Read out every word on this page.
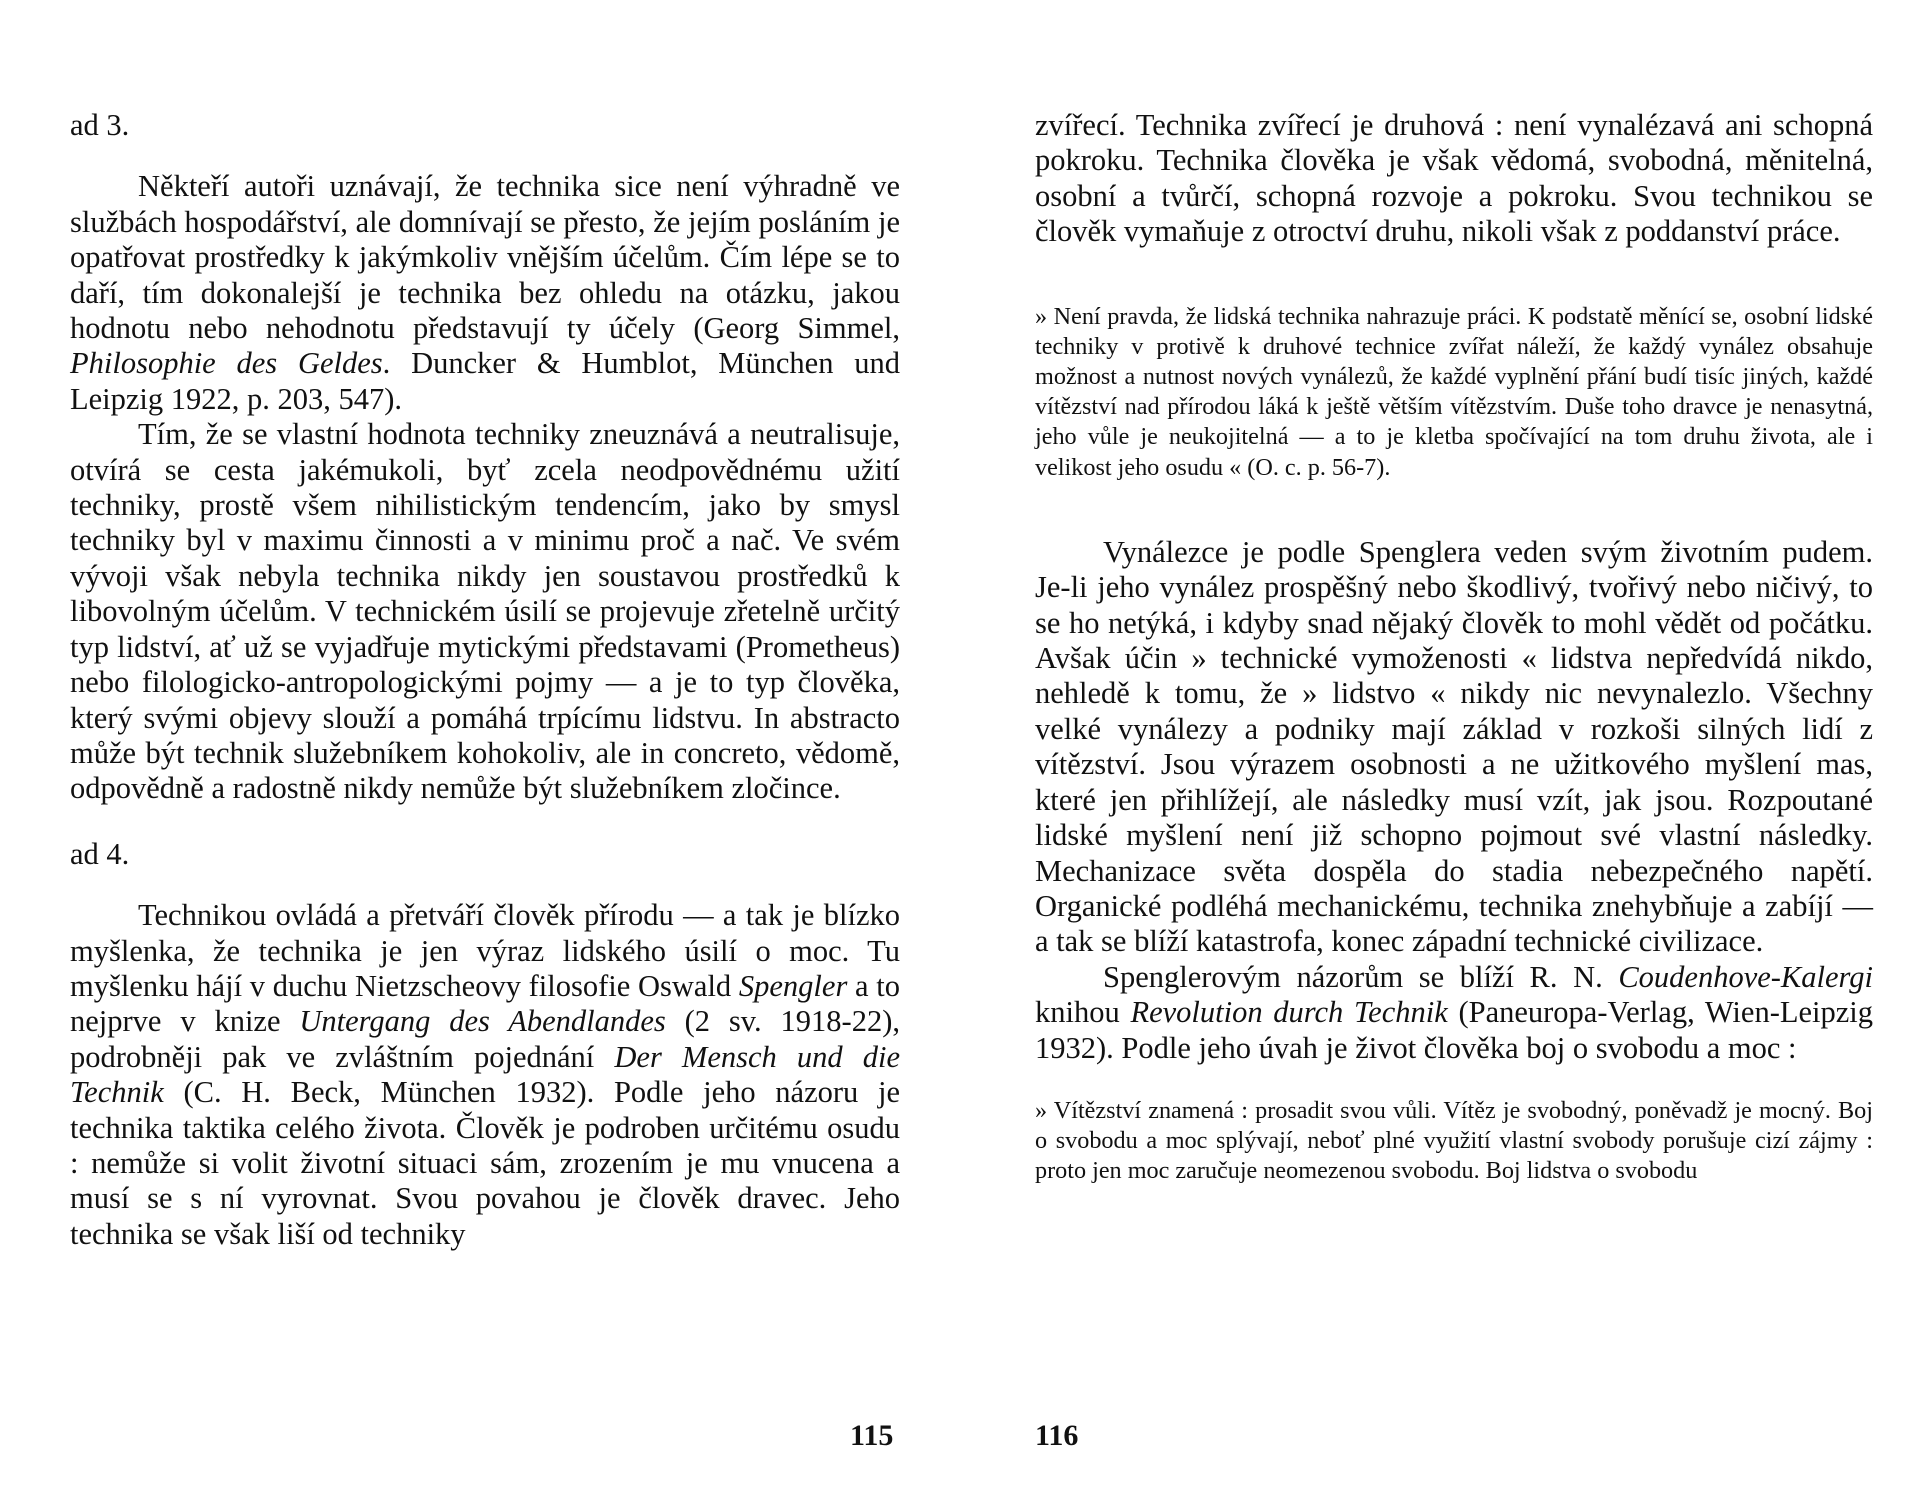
ad 3.

Někteří autoři uznávají, že technika sice není výhradně ve službách hospodářství, ale domnívají se přesto, že jejím posláním je opatřovat prostředky k jakýmkoliv vnějším účelům. Čím lépe se to daří, tím dokonalejší je technika bez ohledu na otázku, jakou hodnotu nebo nehodnotu představují ty účely (Georg Simmel, Philosophie des Geldes. Duncker & Humblot, München und Leipzig 1922, p. 203, 547).

Tím, že se vlastní hodnota techniky zneuznává a neutralisuje, otvírá se cesta jakémukoli, byť zcela neodpovědnému užití techniky, prostě všem nihilistickým tendencím, jako by smysl techniky byl v maximu činnosti a v minimu proč a nač. Ve svém vývoji však nebyla technika nikdy jen soustavou prostředků k libovolným účelům. V technickém úsilí se projevuje zřetelně určitý typ lidství, ať už se vyjadřuje mytickými představami (Prometheus) nebo filologicko-antropologickými pojmy — a je to typ člověka, který svými objevy slouží a pomáhá trpícímu lidstvu. In abstracto může být technik služebníkem kohokoliv, ale in concreto, vědomě, odpovědně a radostně nikdy nemůže být služebníkem zločince.

ad 4.

Technikou ovládá a přetváří člověk přírodu — a tak je blízko myšlenka, že technika je jen výraz lidského úsilí o moc. Tu myšlenku hájí v duchu Nietzscheovy filosofie Oswald Spengler a to nejprve v knize Untergang des Abendlandes (2 sv. 1918-22), podrobněji pak ve zvláštním pojednání Der Mensch und die Technik (C. H. Beck, München 1932). Podle jeho názoru je technika taktika celého života. Člověk je podroben určitému osudu : nemůže si volit životní situaci sám, zrozením je mu vnucena a musí se s ní vyrovnat. Svou povahou je člověk dravec. Jeho technika se však liší od techniky

115

zvířecí. Technika zvířecí je druhová : není vynalézavá ani schopná pokroku. Technika člověka je však vědomá, svobodná, měnitelná, osobní a tvůrčí, schopná rozvoje a pokroku. Svou technikou se člověk vymaňuje z otroctví druhu, nikoli však z poddanství práce.

» Není pravda, že lidská technika nahrazuje práci. K podstatě měnící se, osobní lidské techniky v protivě k druhové technice zvířat náleží, že každý vynález obsahuje možnost a nutnost nových vynálezů, že každé vyplnění přání budí tisíc jiných, každé vítězství nad přírodou láká k ještě větším vítězstvím. Duše toho dravce je nenasytná, jeho vůle je neukojitelná — a to je kletba spočívající na tom druhu života, ale i velikost jeho osudu « (O. c. p. 56-7).

Vynálezce je podle Spenglera veden svým životním pudem. Je-li jeho vynález prospěšný nebo škodlivý, tvořivý nebo ničivý, to se ho netýká, i kdyby snad nějaký člověk to mohl vědět od počátku. Avšak účin » technické vymoženosti « lidstva nepředvídá nikdo, nehledě k tomu, že » lidstvo « nikdy nic nevynalezlo. Všechny velké vynálezy a podniky mají základ v rozkoši silných lidí z vítězství. Jsou výrazem osobnosti a ne užitkového myšlení mas, které jen přihlížejí, ale následky musí vzít, jak jsou. Rozpoutané lidské myšlení není již schopno pojmout své vlastní následky. Mechanizace světa dospěla do stadia nebezpečného napětí. Organické podléhá mechanickému, technika znehybňuje a zabíjí — a tak se blíží katastrofa, konec západní technické civilizace.

Spenglerovým názorům se blíží R. N. Coudenhove-Kalergi knihou Revolution durch Technik (Paneuropa-Verlag, Wien-Leipzig 1932). Podle jeho úvah je život člověka boj o svobodu a moc :

» Vítězství znamená : prosadit svou vůli. Vítěz je svobodný, poněvadž je mocný. Boj o svobodu a moc splývají, neboť plné využití vlastní svobody porušuje cizí zájmy : proto jen moc zaručuje neomezenou svobodu. Boj lidstva o svobodu

116
